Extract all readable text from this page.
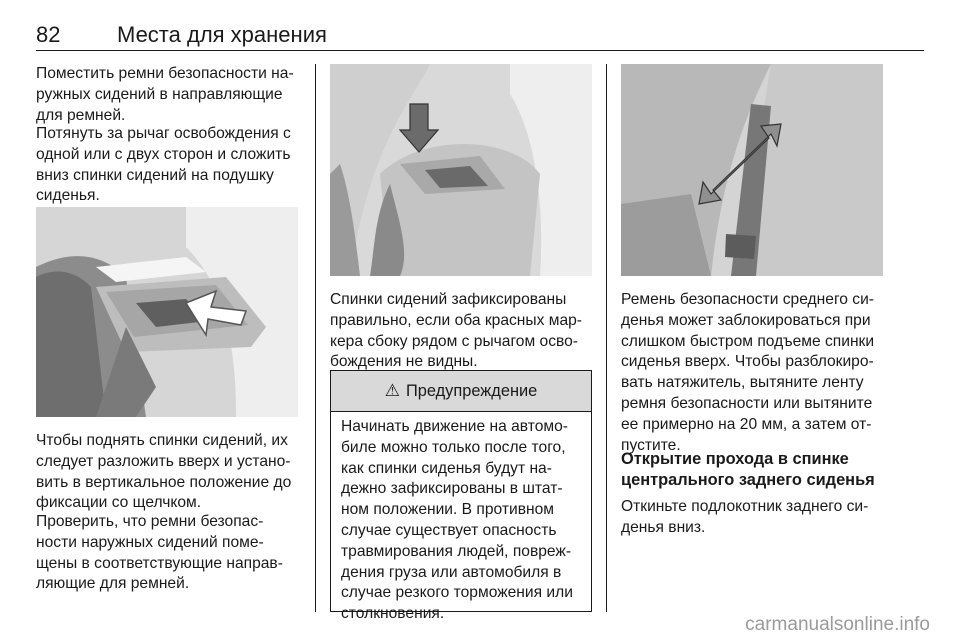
82	Места для хранения

Поместить ремни безопасности на-ружных сидений в направляющие для ремней.

Потянуть за рычаг освобождения с одной или с двух сторон и сложить вниз спинки сидений на подушку сиденья.

Чтобы поднять спинки сидений, их следует разложить вверх и устано-вить в вертикальное положение до фиксации со щелчком.

Проверить, что ремни безопас-ности наружных сидений поме-щены в соответствующие направ-ляющие для ремней.

Спинки сидений зафиксированы правильно, если оба красных мар-кера сбоку рядом с рычагом осво-бождения не видны.

⚠ Предупреждение

Начинать движение на автомо-биле можно только после того, как спинки сиденья будут на-дежно зафиксированы в штат-ном положении. В противном случае существует опасность травмирования людей, повреж-дения груза или автомобиля в случае резкого торможения или столкновения.

Ремень безопасности среднего си-денья может заблокироваться при слишком быстром подъеме спинки сиденья вверх. Чтобы разблокиро-вать натяжитель, вытяните ленту ремня безопасности или вытяните ее примерно на 20 мм, а затем от-пустите.

Открытие прохода в спинке центрального заднего сиденья

Откиньте подлокотник заднего си-денья вниз.

carmanualsonline.info
